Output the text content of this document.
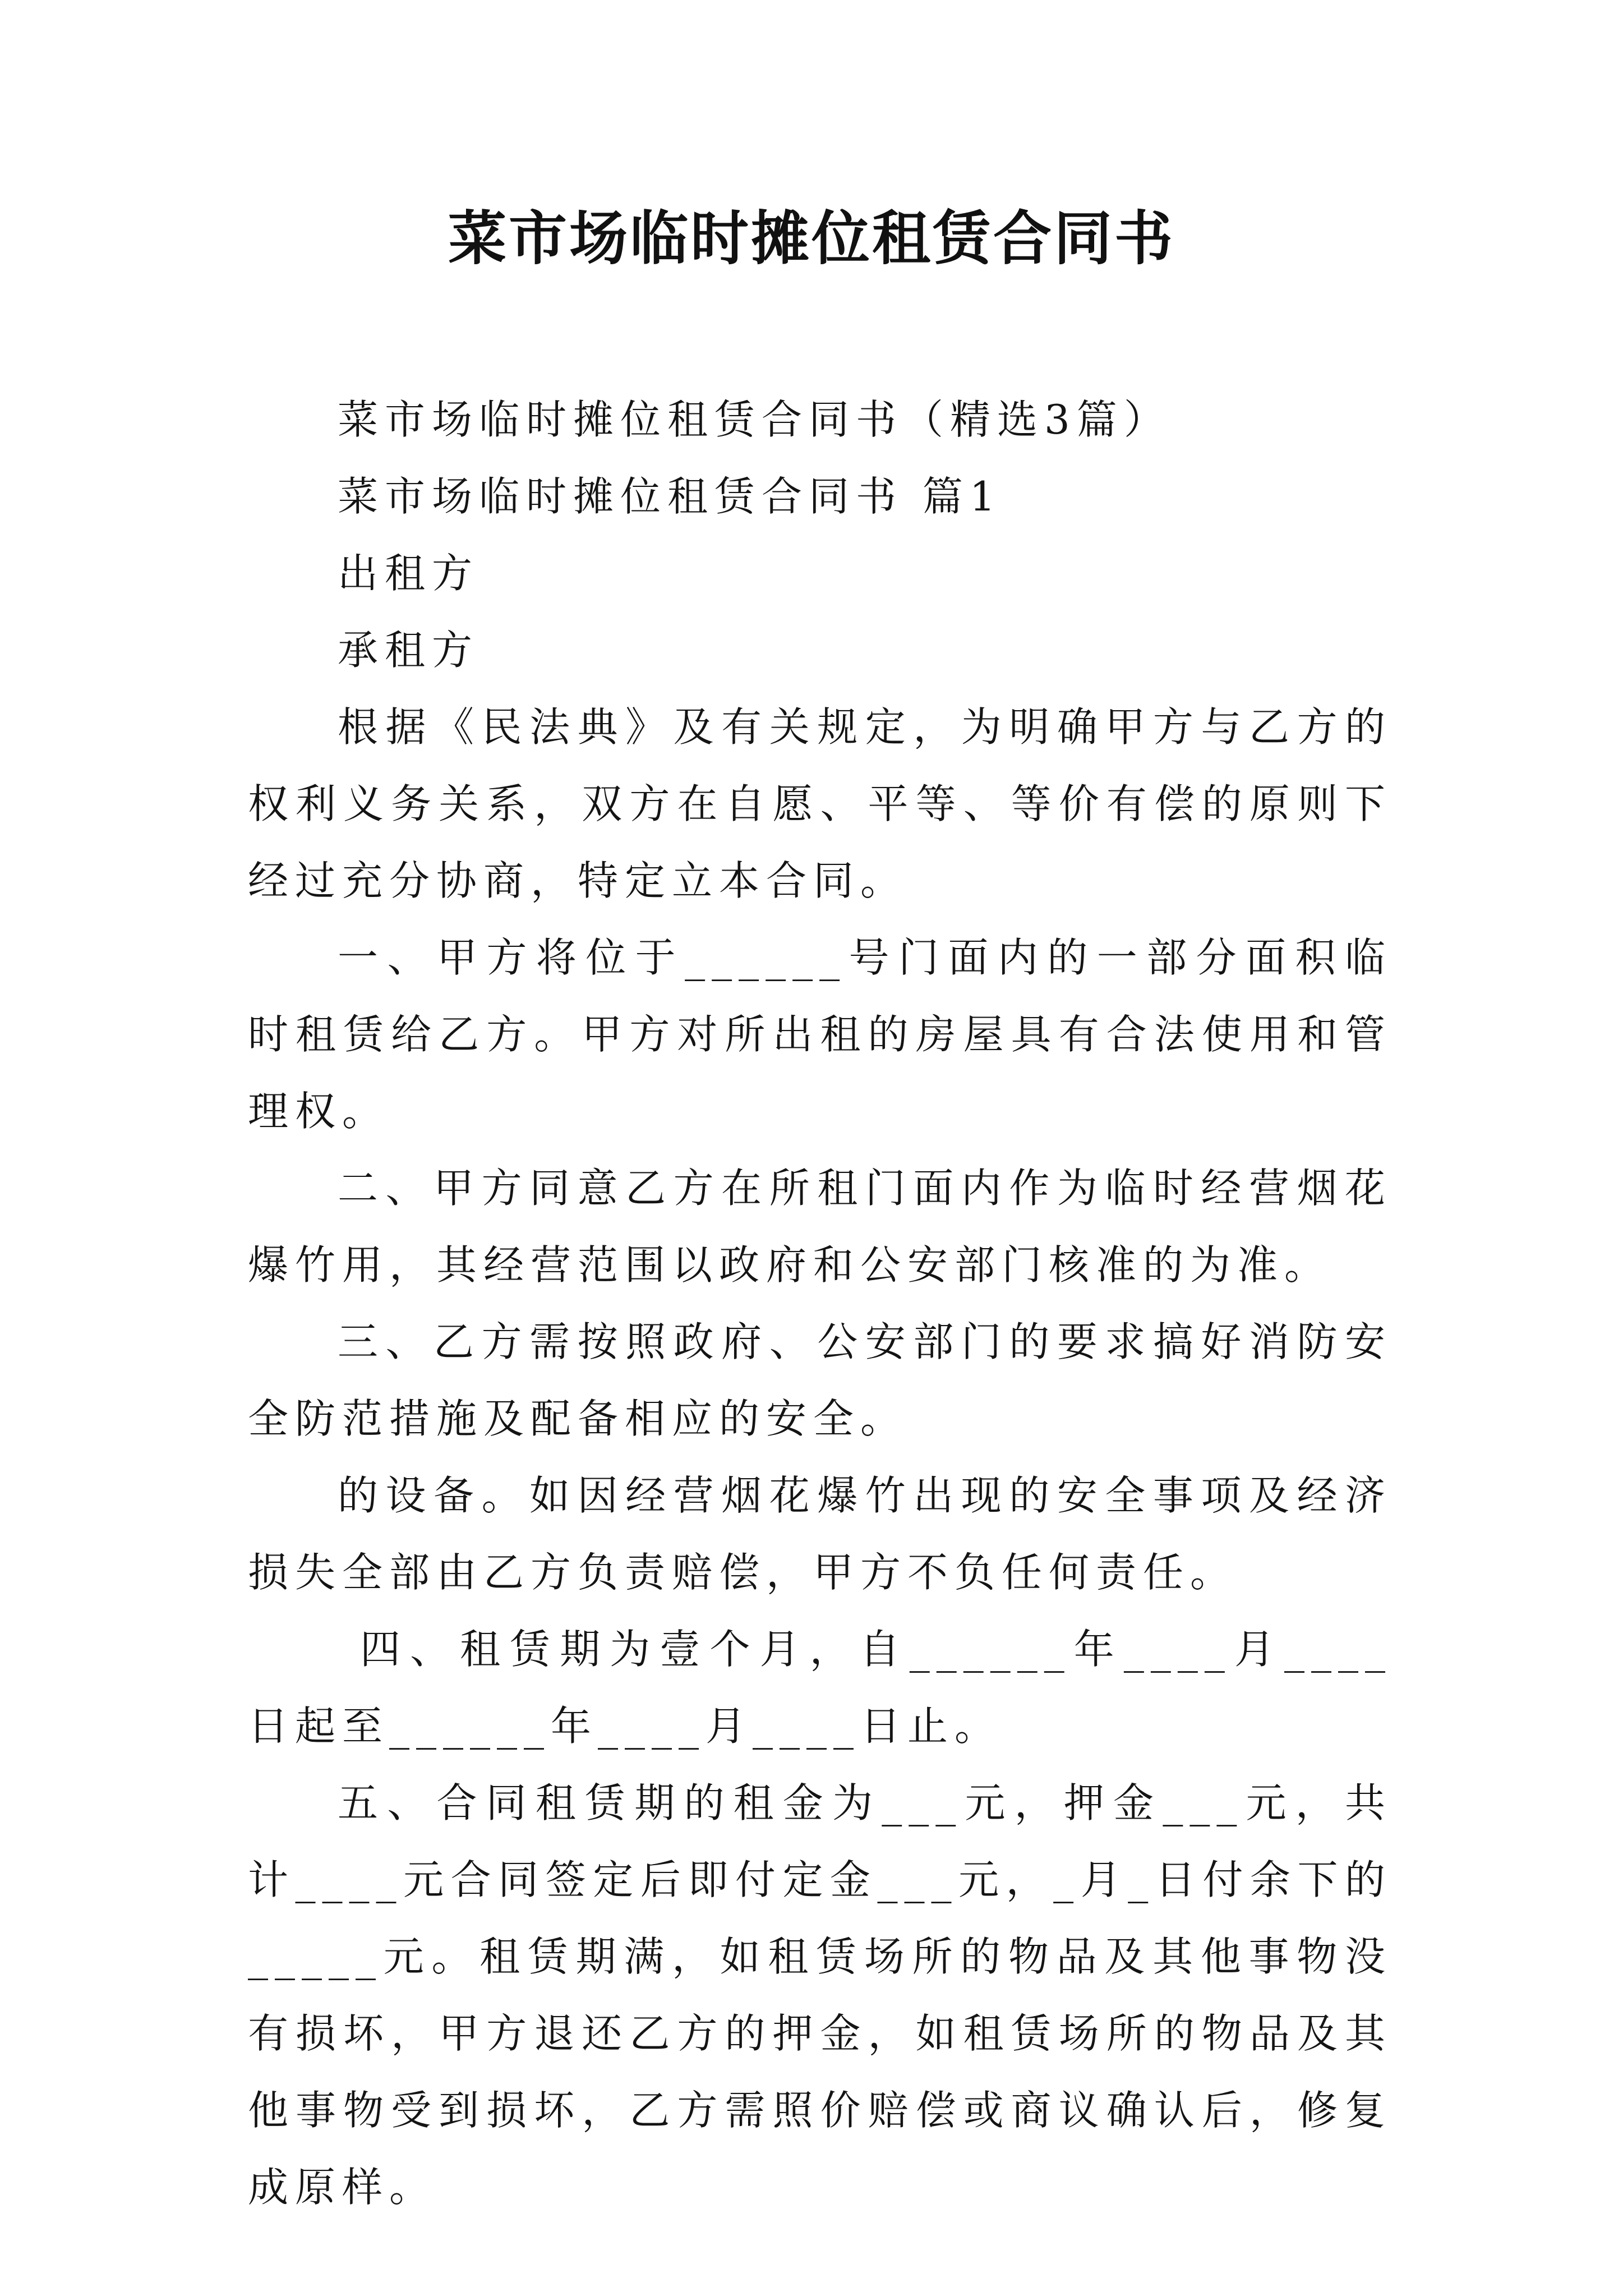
菜市场临时摊位租赁合同书

菜市场临时摊位租赁合同书（精选3篇）

菜市场临时摊位租赁合同书 篇1

出租方

承租方

根据《民法典》及有关规定，为明确甲方与乙方的权利义务关系，双方在自愿、平等、等价有偿的原则下经过充分协商，特定立本合同。

一、甲方将位于______号门面内的一部分面积临时租赁给乙方。甲方对所出租的房屋具有合法使用和管理权。

二、甲方同意乙方在所租门面内作为临时经营烟花爆竹用，其经营范围以政府和公安部门核准的为准。

三、乙方需按照政府、公安部门的要求搞好消防安全防范措施及配备相应的安全。

的设备。如因经营烟花爆竹出现的安全事项及经济损失全部由乙方负责赔偿，甲方不负任何责任。

四、租赁期为壹个月，自______年____月____日起至______年____月____日止。

五、合同租赁期的租金为___元，押金___元，共计____元合同签定后即付定金___元，_月_日付余下的_____元。租赁期满，如租赁场所的物品及其他事物没有损坏，甲方退还乙方的押金，如租赁场所的物品及其他事物受到损坏，乙方需照价赔偿或商议确认后，修复成原样。
